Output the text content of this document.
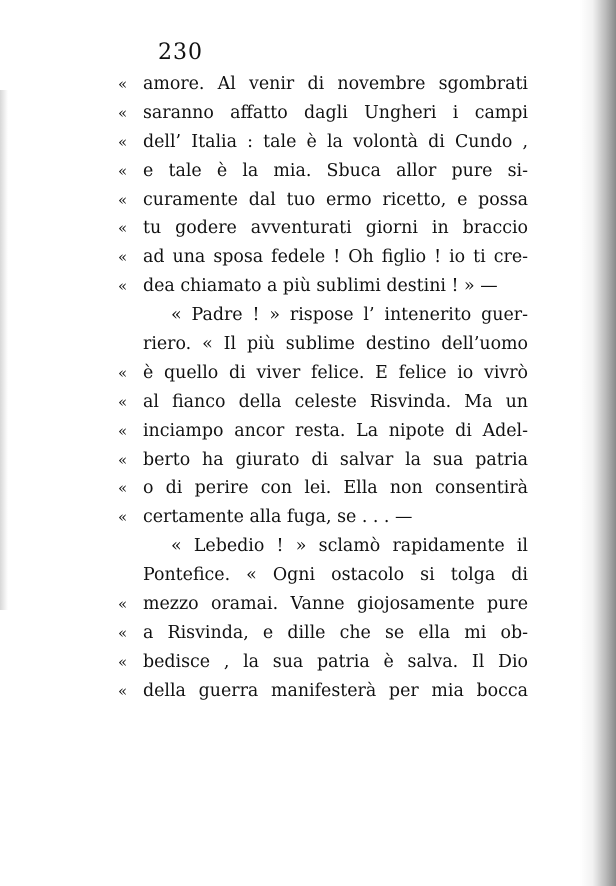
230

« amore. Al venir di novembre sgombrati
« saranno affatto dagli Ungheri i campi
« dell’ Italia : tale è la volontà di Cundo ,
« e tale è la mia. Sbuca allor pure si-
« curamente dal tuo ermo ricetto, e possa
« tu godere avventurati giorni in braccio
« ad una sposa fedele ! Oh figlio ! io ti cre-
« dea chiamato a più sublimi destini ! » —
« Padre ! » rispose l’ intenerito guer-
riero. « Il più sublime destino dell’uomo
« è quello di viver felice. E felice io vivrò
« al fianco della celeste Risvinda. Ma un
« inciampo ancor resta. La nipote di Adel-
« berto ha giurato di salvar la sua patria
« o di perire con lei. Ella non consentirà
« certamente alla fuga, se . . . —
« Lebedio ! » sclamò rapidamente il
Pontefice. « Ogni ostacolo si tolga di
« mezzo oramai. Vanne giojosamente pure
« a Risvinda, e dille che se ella mi ob-
« bedisce , la sua patria è salva. Il Dio
« della guerra manifesterà per mia bocca
